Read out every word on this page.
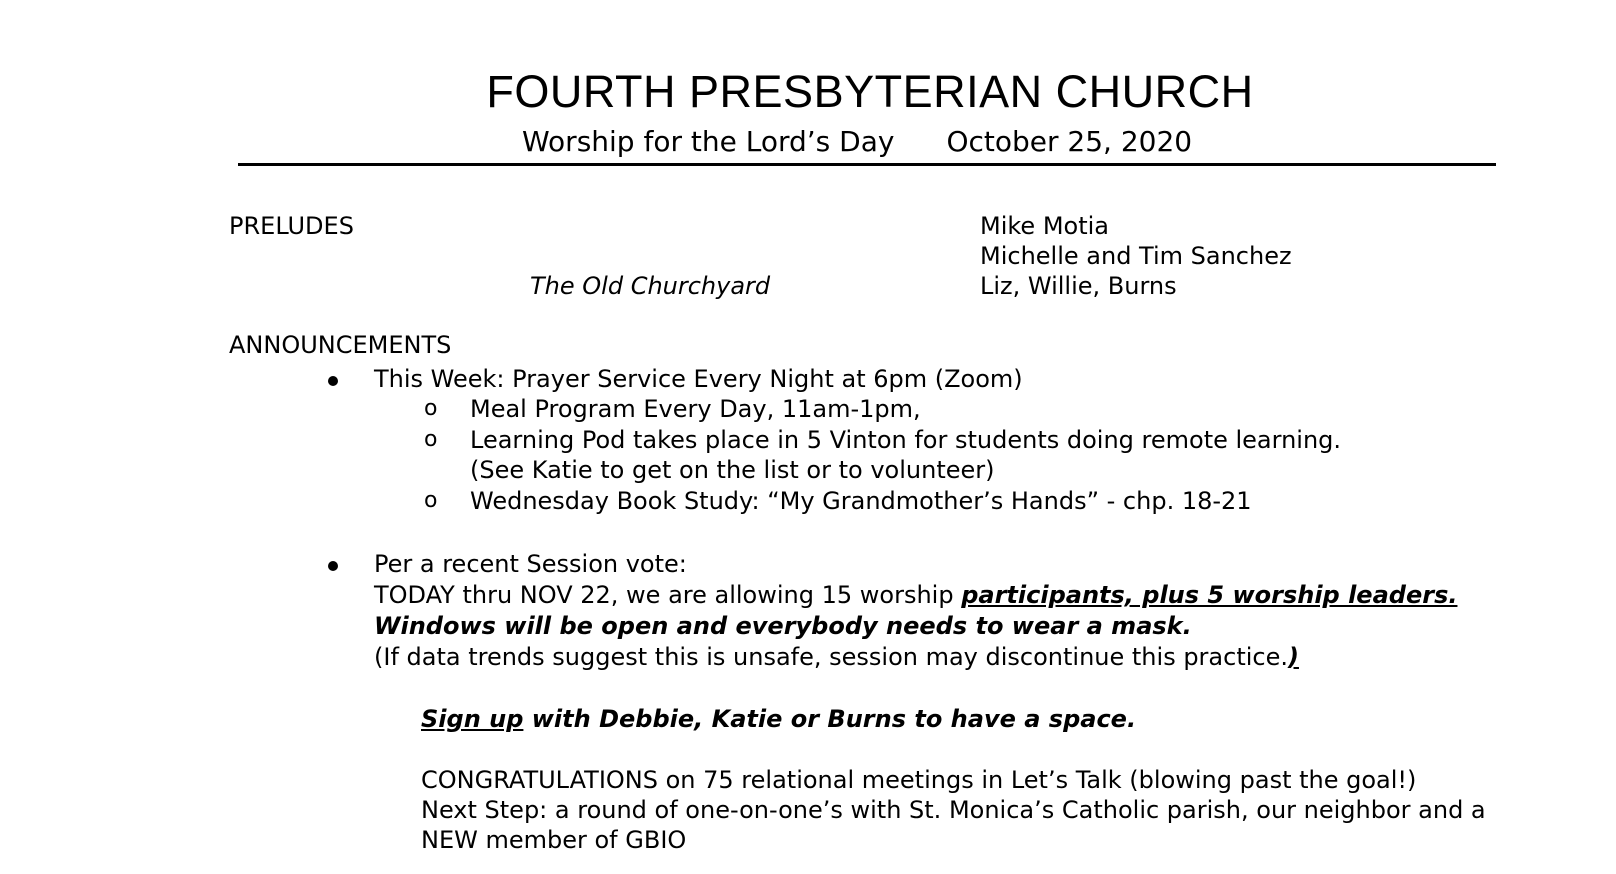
FOURTH PRESBYTERIAN CHURCH
Worship for the Lord’s Day October 25, 2020
PRELUDES
The Old Churchyard
Mike Motia
Michelle and Tim Sanchez
Liz, Willie, Burns
ANNOUNCEMENTS
This Week: Prayer Service Every Night at 6pm (Zoom)
o Meal Program Every Day, 11am-1pm,
o Learning Pod takes place in 5 Vinton for students doing remote learning.
(See Katie to get on the list or to volunteer)
o Wednesday Book Study: “My Grandmother’s Hands” - chp. 18-21
Per a recent Session vote:
TODAY thru NOV 22, we are allowing 15 worship participants, plus 5 worship leaders.
Windows will be open and everybody needs to wear a mask.
(If data trends suggest this is unsafe, session may discontinue this practice.)
Sign up with Debbie, Katie or Burns to have a space.
CONGRATULATIONS on 75 relational meetings in Let’s Talk (blowing past the goal!)
Next Step: a round of one-on-one’s with St. Monica’s Catholic parish, our neighbor and a
NEW member of GBIO
